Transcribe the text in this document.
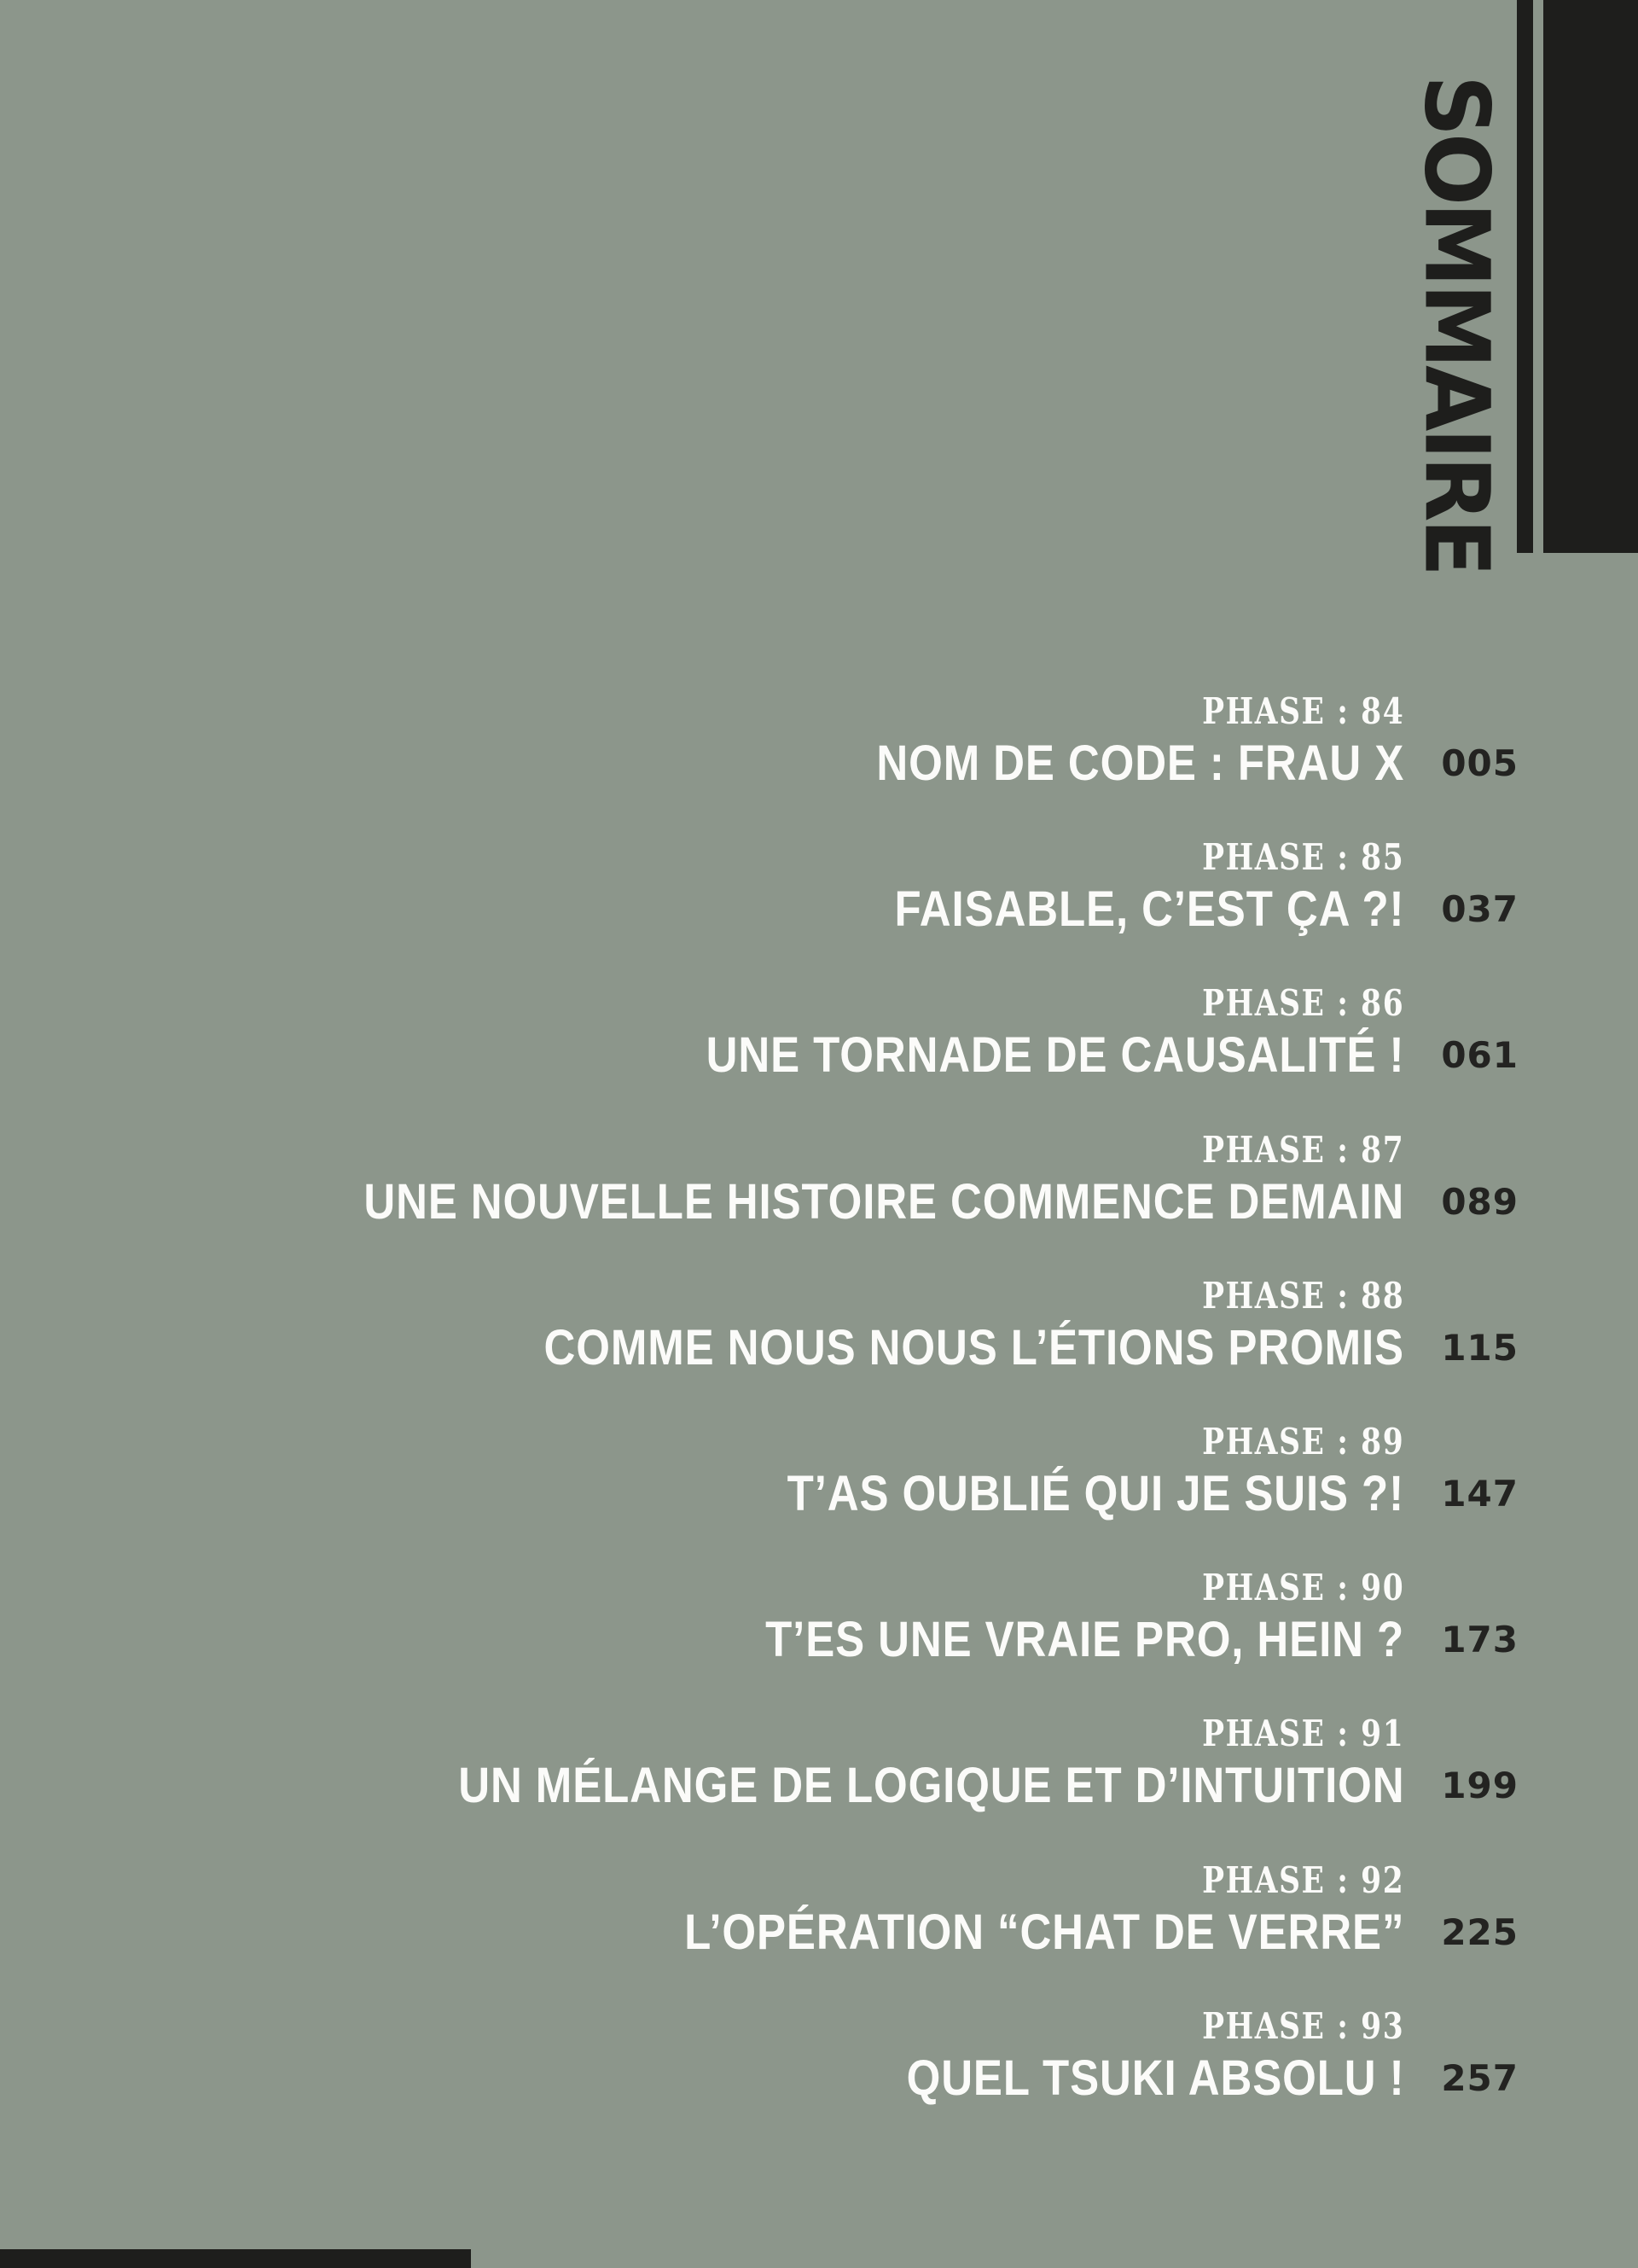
SOMMAIRE
PHASE : 84
NOM DE CODE : FRAU X	005
PHASE : 85
FAISABLE, C’EST ÇA ?!	037
PHASE : 86
UNE TORNADE DE CAUSALITÉ !	061
PHASE : 87
UNE NOUVELLE HISTOIRE COMMENCE DEMAIN	089
PHASE : 88
COMME NOUS NOUS L’ÉTIONS PROMIS	115
PHASE : 89
T’AS OUBLIÉ QUI JE SUIS ?!	147
PHASE : 90
T’ES UNE VRAIE PRO, HEIN ?	173
PHASE : 91
UN MÉLANGE DE LOGIQUE ET D’INTUITION	199
PHASE : 92
L’OPÉRATION “CHAT DE VERRE”	225
PHASE : 93
QUEL TSUKI ABSOLU !	257
